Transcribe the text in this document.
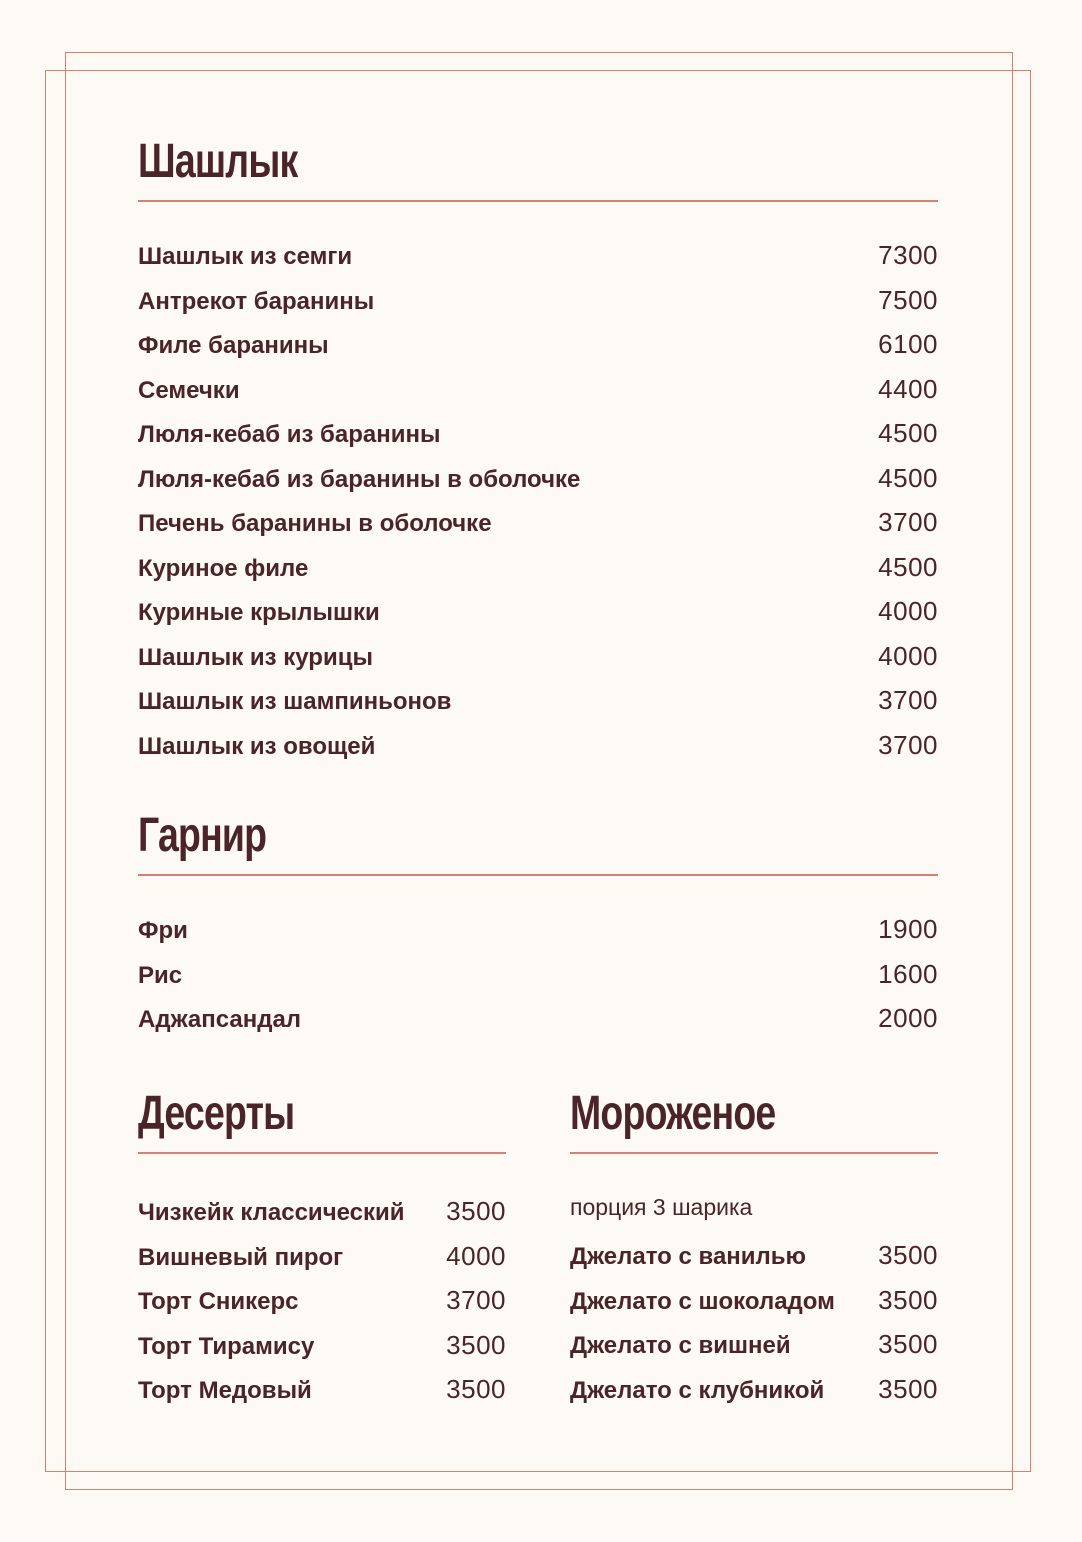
Шашлык
Шашлык из семги	7300
Антрекот баранины	7500
Филе баранины	6100
Семечки	4400
Люля-кебаб из баранины	4500
Люля-кебаб из баранины в оболочке	4500
Печень баранины в оболочке	3700
Куриное филе	4500
Куриные крылышки	4000
Шашлык из курицы	4000
Шашлык из шампиньонов	3700
Шашлык из овощей	3700
Гарнир
Фри	1900
Рис	1600
Аджапсандал	2000
Десерты
Чизкейк классический 3500
Вишневый пирог	4000
Торт Сникерс	3700
Торт Тирамису	3500
Торт Медовый	3500
Мороженое
порция 3 шарика
Джелато с ванилью	3500
Джелато с шоколадом 3500
Джелато с вишней	3500
Джелато с клубникой 3500
